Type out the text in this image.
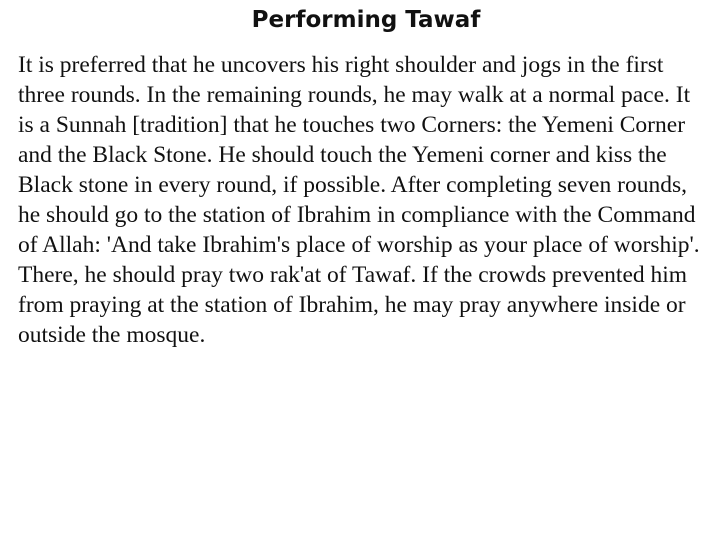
Performing Tawaf

It is preferred that he uncovers his right shoulder and jogs in the first three rounds. In the remaining rounds, he may walk at a normal pace. It is a Sunnah [tradition] that he touches two Corners: the Yemeni Corner and the Black Stone. He should touch the Yemeni corner and kiss the Black stone in every round, if possible. After completing seven rounds, he should go to the station of Ibrahim in compliance with the Command of Allah: 'And take Ibrahim's place of worship as your place of worship'. There, he should pray two rak'at of Tawaf. If the crowds prevented him from praying at the station of Ibrahim, he may pray anywhere inside or outside the mosque.
